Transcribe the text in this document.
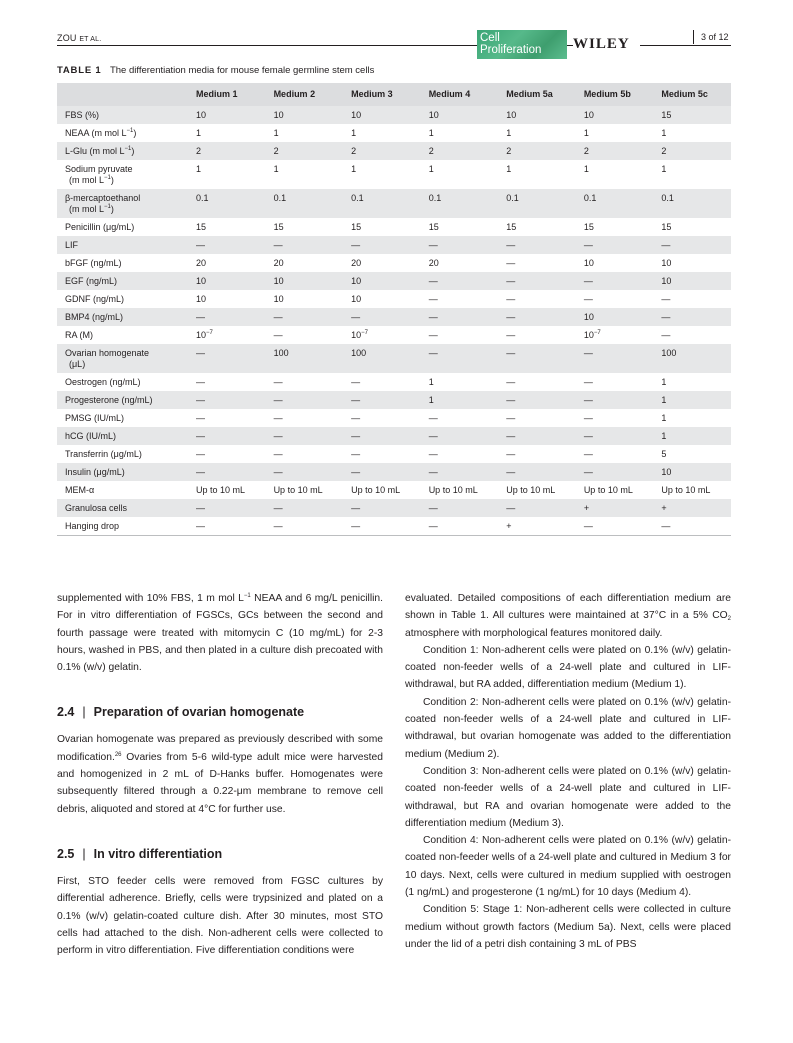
ZOU ET AL.	Cell
Proliferation	WILEY	3 of 12
TABLE 1 The differentiation media for mouse female germline stem cells
	Medium 1	Medium 2	Medium 3	Medium 4	Medium 5a	Medium 5b	Medium 5c
FBS (%)	10	10	10	10	10	10	15
NEAA (m mol $L^{-1}$)	1	1	1	1	1	1	1
L-Glu (m mol $L^{-1}$)	2	2	2	2	2	2	2
Sodium pyruvate
(m mol $L^{-1}$)	1	1	1	1	1	1	1
β-mercaptoethanol
(m mol $L^{-1}$)	0.1	0.1	0.1	0.1	0.1	0.1	0.1
Penicillin (μg/mL)	15	15	15	15	15	15	15
LIF	—	—	—	—	—	—	—
bFGF (ng/mL)	20	20	20	20	—	10	10
EGF (ng/mL)	10	10	10	—	—	—	10
GDNF (ng/mL)	10	10	10	—	—	—	—
BMP4 (ng/mL)	—	—	—	—	—	10	—
RA (M)	$10^{-7}$	—	$10^{-7}$	—	—	$10^{-7}$	—
Ovarian homogenate
(μL)	—	100	100	—	—	—	100
Oestrogen (ng/mL)	—	—	—	1	—	—	1
Progesterone (ng/mL)	—	—	—	1	—	—	1
PMSG (IU/mL)	—	—	—	—	—	—	1
hCG (IU/mL)	—	—	—	—	—	—	1
Transferrin (μg/mL)	—	—	—	—	—	—	5
Insulin (μg/mL)	—	—	—	—	—	—	10
MEM-α	Up to 10 mL	Up to 10 mL	Up to 10 mL	Up to 10 mL	Up to 10 mL	Up to 10 mL	Up to 10 mL
Granulosa cells	—	—	—	—	—	+	+
Hanging drop	—	—	—	—	+	—	—

supplemented with 10% FBS, 1 m mol $L^{-1}$ NEAA and 6 mg/L penicillin. For in vitro differentiation of FGSCs, GCs between the second and fourth passage were treated with mitomycin C (10 mg/mL) for 2-3 hours, washed in PBS, and then plated in a culture dish precoated with 0.1% (w/v) gelatin.

2.4 | Preparation of ovarian homogenate

Ovarian homogenate was prepared as previously described with some modification.$^{26}$ Ovaries from 5-6 wild-type adult mice were harvested and homogenized in 2 mL of D-Hanks buffer. Homogenates were subsequently filtered through a 0.22-μm membrane to remove cell debris, aliquoted and stored at 4°C for further use.

2.5 | In vitro differentiation

First, STO feeder cells were removed from FGSC cultures by differential adherence. Briefly, cells were trypsinized and plated on a 0.1% (w/v) gelatin-coated culture dish. After 30 minutes, most STO cells had attached to the dish. Non-adherent cells were collected to perform in vitro differentiation. Five differentiation conditions were

evaluated. Detailed compositions of each differentiation medium are shown in Table 1. All cultures were maintained at 37°C in a 5% $CO_2$ atmosphere with morphological features monitored daily.

Condition 1: Non-adherent cells were plated on 0.1% (w/v) gelatin-coated non-feeder wells of a 24-well plate and cultured in LIF-withdrawal, but RA added, differentiation medium (Medium 1).

Condition 2: Non-adherent cells were plated on 0.1% (w/v) gelatin-coated non-feeder wells of a 24-well plate and cultured in LIF-withdrawal, but ovarian homogenate was added to the differentiation medium (Medium 2).

Condition 3: Non-adherent cells were plated on 0.1% (w/v) gelatin-coated non-feeder wells of a 24-well plate and cultured in LIF-withdrawal, but RA and ovarian homogenate were added to the differentiation medium (Medium 3).

Condition 4: Non-adherent cells were plated on 0.1% (w/v) gelatin-coated non-feeder wells of a 24-well plate and cultured in Medium 3 for 10 days. Next, cells were cultured in medium supplied with oestrogen (1 ng/mL) and progesterone (1 ng/mL) for 10 days (Medium 4).

Condition 5: Stage 1: Non-adherent cells were collected in culture medium without growth factors (Medium 5a). Next, cells were placed under the lid of a petri dish containing 3 mL of PBS
